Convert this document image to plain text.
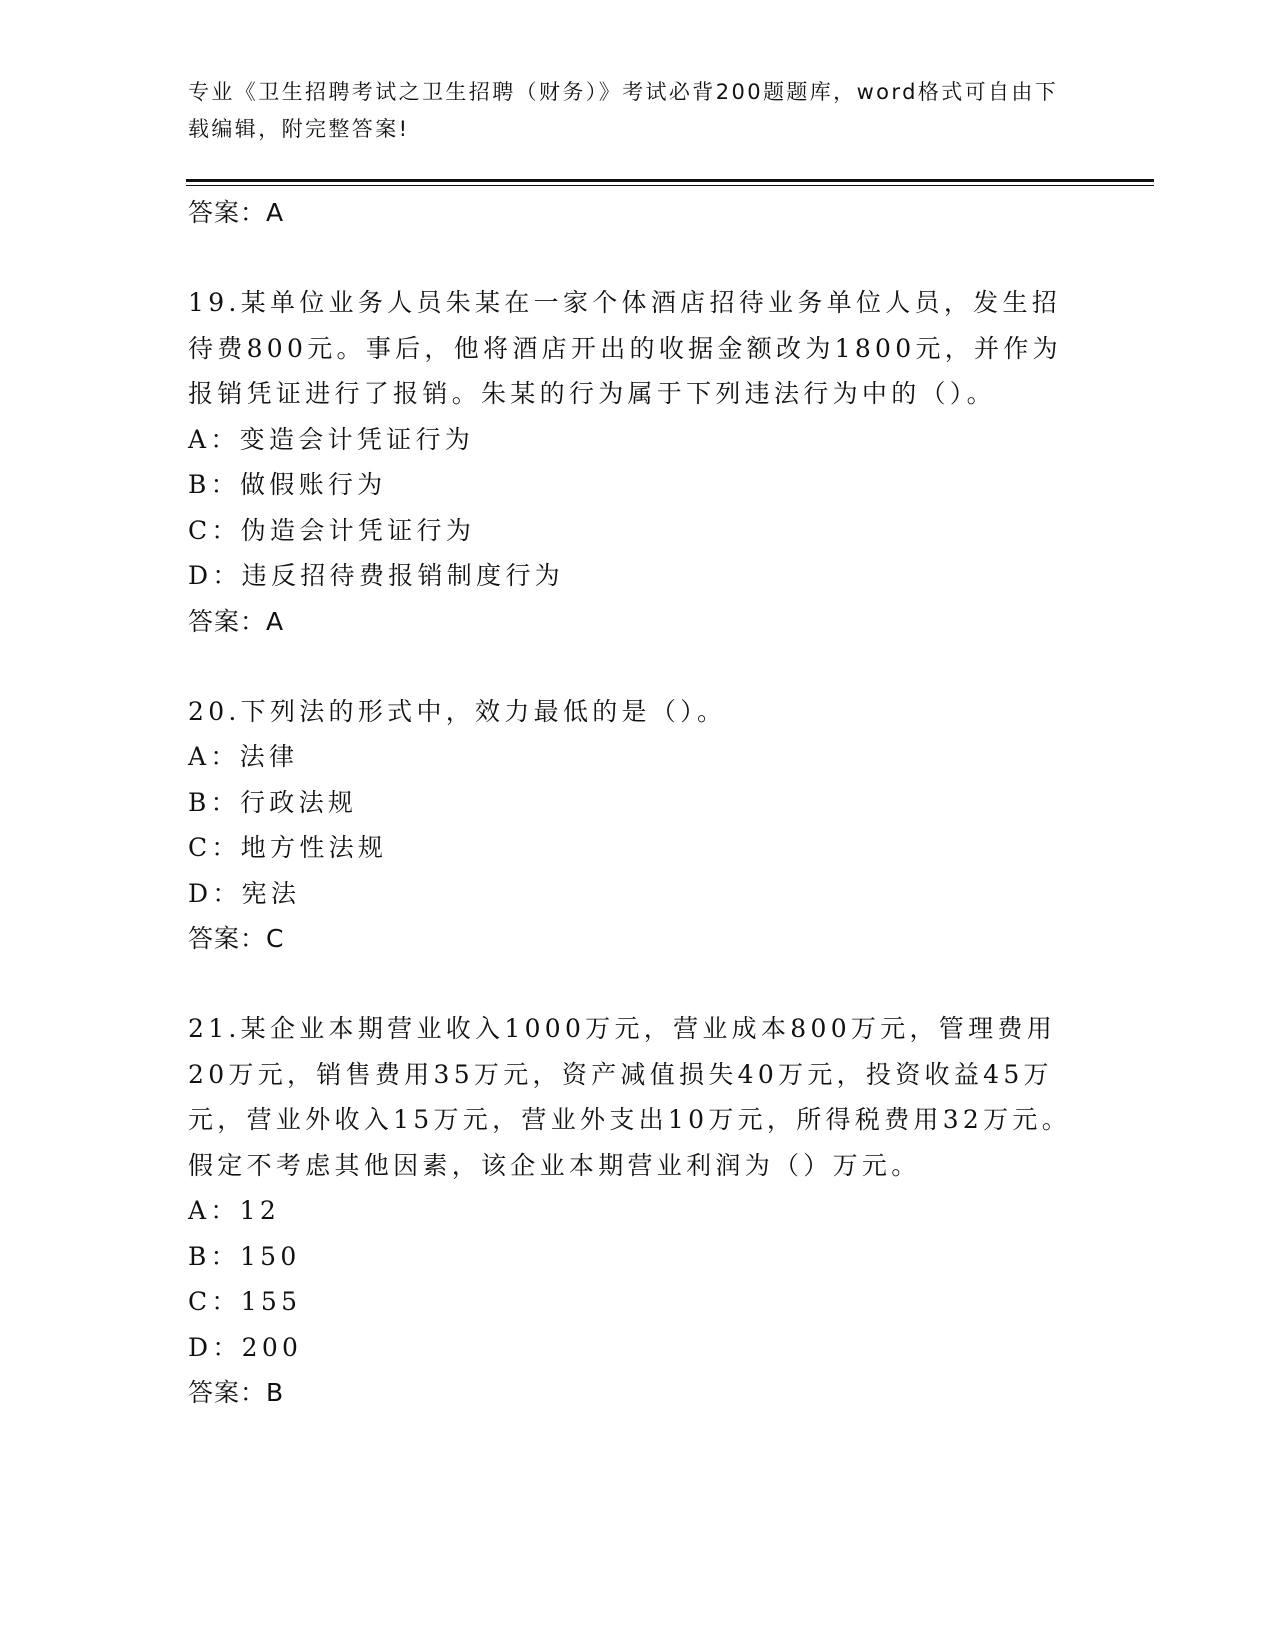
专业《卫生招聘考试之卫生招聘（财务）》考试必背200题题库，word格式可自由下载编辑，附完整答案!
答案：A
19.某单位业务人员朱某在一家个体酒店招待业务单位人员，发生招待费800元。事后，他将酒店开出的收据金额改为1800元，并作为报销凭证进行了报销。朱某的行为属于下列违法行为中的（）。
A：变造会计凭证行为
B：做假账行为
C：伪造会计凭证行为
D：违反招待费报销制度行为
答案：A
20.下列法的形式中，效力最低的是（）。
A：法律
B：行政法规
C：地方性法规
D：宪法
答案：C
21.某企业本期营业收入1000万元，营业成本800万元，管理费用20万元，销售费用35万元，资产减值损失40万元，投资收益45万元，营业外收入15万元，营业外支出10万元，所得税费用32万元。假定不考虑其他因素，该企业本期营业利润为（）万元。
A：12
B：150
C：155
D：200
答案：B
